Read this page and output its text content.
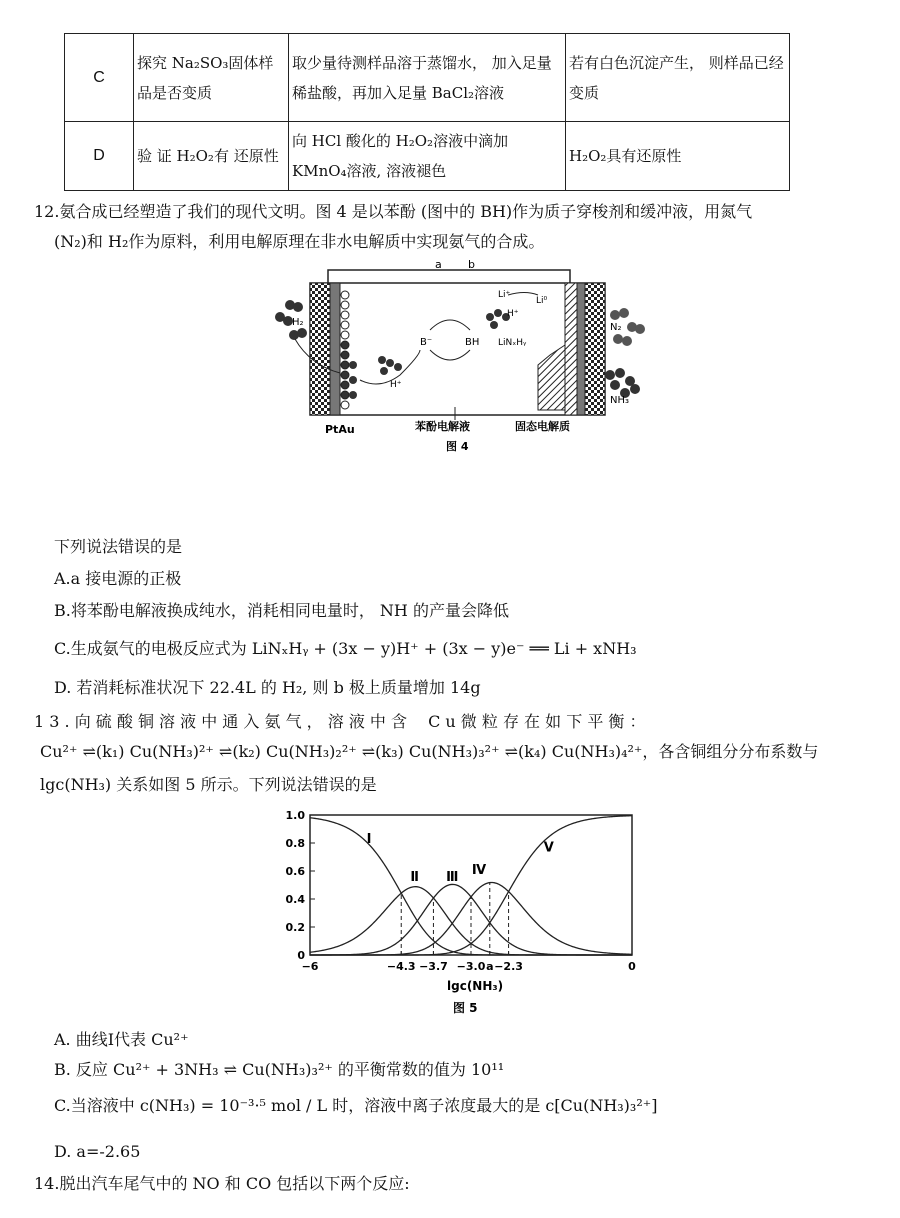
C	探究 Na₂SO₃固体样品是否变质	取少量待测样品溶于蒸馏水， 加入足量稀盐酸，再加入足量 BaCl₂溶液	若有白色沉淀产生， 则样品已经变质
D	验 证 H₂O₂有 还原性	向 HCl 酸化的 H₂O₂溶液中滴加 KMnO₄溶液, 溶液褪色	H₂O₂具有还原性
12.氨合成已经塑造了我们的现代文明。图 4 是以苯酚 (图中的 BH)作为质子穿梭剂和缓冲液，用氮气
(N₂)和 H₂作为原料，利用电解原理在非水电解质中实现氨气的合成。
a b
H₂
H⁺
B⁻	BH
H⁺
Li⁺
Li⁰
LiNₓHᵧ
N₂
NH₃
PtAu	苯酚电解液	固态电解质
图 4
下列说法错误的是
A.a 接电源的正极
B.将苯酚电解液换成纯水，消耗相同电量时， NH 的产量会降低
C.生成氨气的电极反应式为 LiNₓHᵧ + (3x − y)H⁺ + (3x − y)e⁻ ══ Li + xNH₃
D. 若消耗标准状况下 22.4L 的 H₂, 则 b 极上质量增加 14g
1 3 . 向 硫 酸 铜 溶 液 中 通 入 氨 气 ， 溶 液 中 含　 C u 微 粒 存 在 如 下 平 衡 ：
Cu²⁺ ⇌(k₁) Cu(NH₃)²⁺ ⇌(k₂) Cu(NH₃)₂²⁺ ⇌(k₃) Cu(NH₃)₃²⁺ ⇌(k₄) Cu(NH₃)₄²⁺，各含铜组分分布系数与
lgc(NH₃) 关系如图 5 所示。下列说法错误的是
0
0.2
0.4
0.6
0.8
1.0
−6	−4.3 −3.7 −3.0 a −2.3	0
I
Ⅱ Ⅲ Ⅳ
V
lgc(NH₃)
图 5
A. 曲线Ⅰ代表 Cu²⁺
B. 反应 Cu²⁺ + 3NH₃ ⇌ Cu(NH₃)₃²⁺ 的平衡常数的值为 10¹¹
C.当溶液中 c(NH₃) = 10⁻³·⁵ mol / L 时，溶液中离子浓度最大的是 c[Cu(NH₃)₃²⁺]
D. a=-2.65
14.脱出汽车尾气中的 NO 和 CO 包括以下两个反应:
